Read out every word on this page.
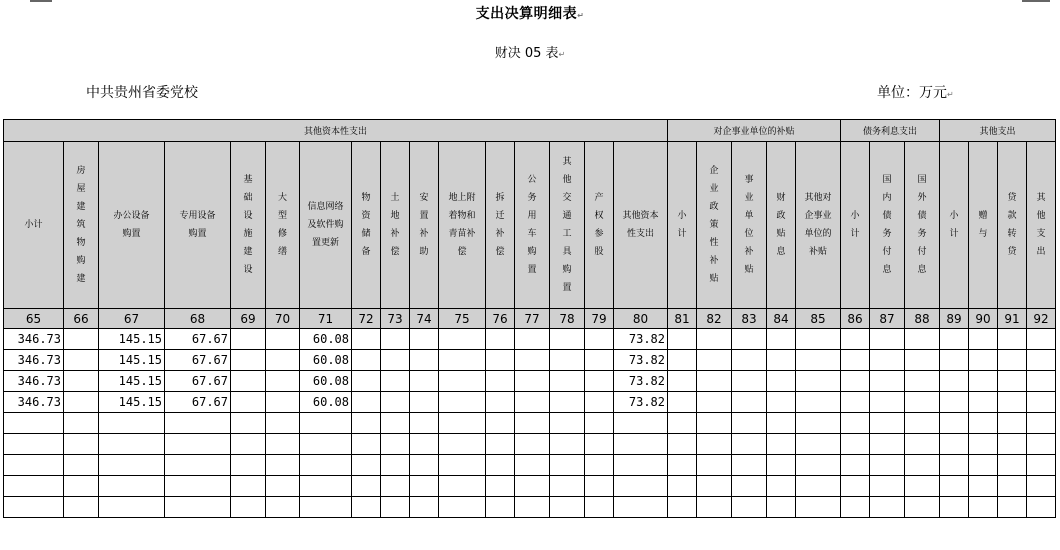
支出决算明细表↵
财决 05 表↵
中共贵州省委党校	单位：万元↵
其他资本性支出																对企事业单位的补贴					债务利息支出			其他支出			
小计	房屋建筑物购建	办公设备购置	专用设备购置	基础设施建设	大型修缮	信息网络及软件购置更新	物资储备	土地补偿	安置补助	地上附着物和青苗补偿	拆迁补偿	公务用车购置	其他交通工具购置	产权参股	其他资本性支出	小计	企业政策性补贴	事业单位补贴	财政贴息	其他对企事业单位的补贴	小计	国内债务付息	国外债务付息	小计	赠与	贷款转贷	其他支出
65	66	67	68	69	70	71	72	73	74	75	76	77	78	79	80	81	82	83	84	85	86	87	88	89	90	91	92
346.73		145.15	67.67			60.08									73.82												
346.73		145.15	67.67			60.08									73.82												
346.73		145.15	67.67			60.08									73.82												
346.73		145.15	67.67			60.08									73.82												
